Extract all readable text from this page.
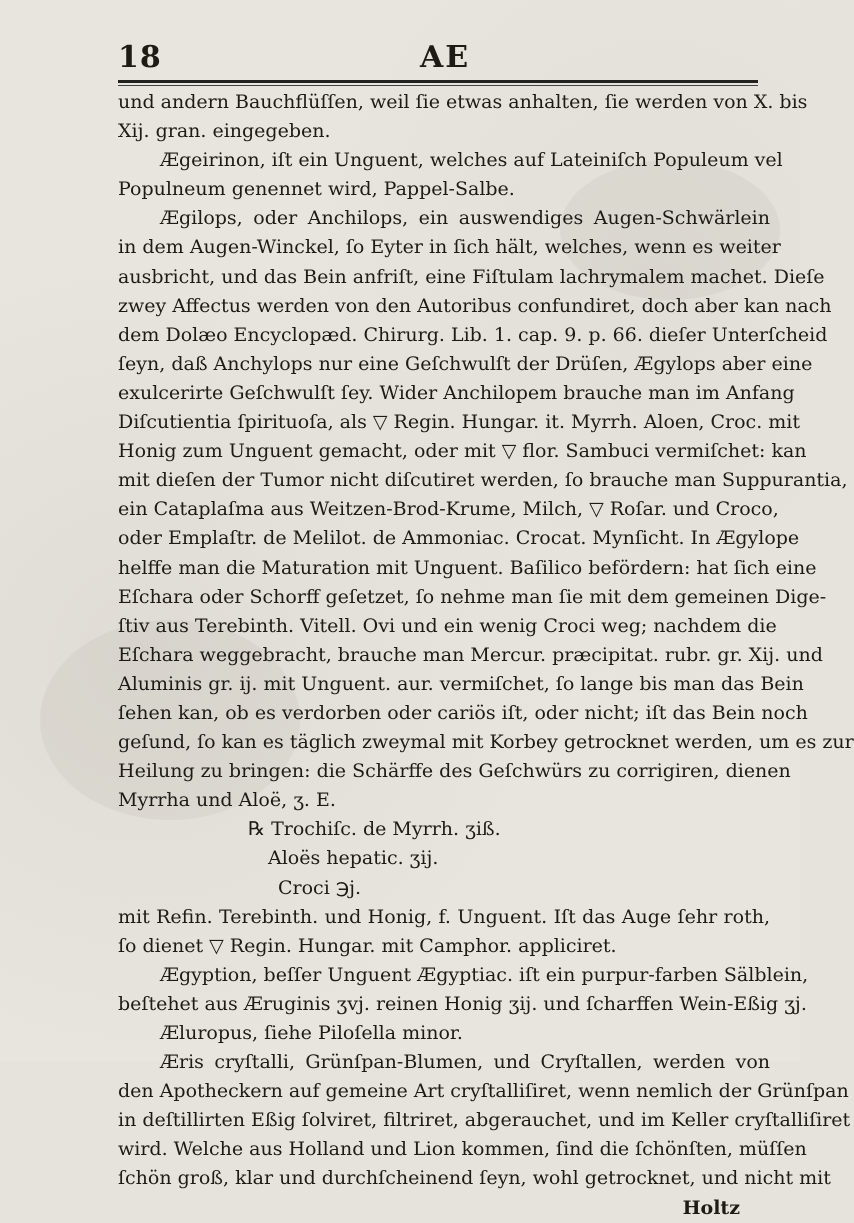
18	AE
und andern Bauchflüſſen, weil ſie etwas anhalten, ſie werden von X. bis
Xij. gran. eingegeben.
Ægeirinon, iſt ein Unguent, welches auf Lateiniſch Populeum vel
Populneum genennet wird, Pappel-Salbe.
Ægilops, oder Anchilops, ein auswendiges Augen-Schwärlein
in dem Augen-Winckel, ſo Eyter in ſich hält, welches, wenn es weiter
ausbricht, und das Bein anfriſt, eine Fiſtulam lachrymalem machet. Dieſe
zwey Affectus werden von den Autoribus confundiret, doch aber kan nach
dem Dolæo Encyclopæd. Chirurg. Lib. 1. cap. 9. p. 66. dieſer Unterſcheid
ſeyn, daß Anchylops nur eine Geſchwulſt der Drüſen, Ægylops aber eine
exulcerirte Geſchwulſt ſey. Wider Anchilopem brauche man im Anfang
Diſcutientia ſpirituoſa, als ▽ Regin. Hungar. it. Myrrh. Aloen, Croc. mit
Honig zum Unguent gemacht, oder mit ▽ flor. Sambuci vermiſchet: kan
mit dieſen der Tumor nicht diſcutiret werden, ſo brauche man Suppurantia,
ein Cataplaſma aus Weitzen-Brod-Krume, Milch, ▽ Roſar. und Croco,
oder Emplaſtr. de Melilot. de Ammoniac. Crocat. Mynſicht. In Ægylope
helffe man die Maturation mit Unguent. Baſilico befördern: hat ſich eine
Eſchara oder Schorff geſetzet, ſo nehme man ſie mit dem gemeinen Dige-
ſtiv aus Terebinth. Vitell. Ovi und ein wenig Croci weg; nachdem die
Eſchara weggebracht, brauche man Mercur. præcipitat. rubr. gr. Xij. und
Aluminis gr. ij. mit Unguent. aur. vermiſchet, ſo lange bis man das Bein
ſehen kan, ob es verdorben oder cariös iſt, oder nicht; iſt das Bein noch
geſund, ſo kan es täglich zweymal mit Korbey getrocknet werden, um es zur
Heilung zu bringen: die Schärffe des Geſchwürs zu corrigiren, dienen
Myrrha und Aloë, ʒ. E.
℞ Trochiſc. de Myrrh. ʒiß.
Aloës hepatic. ʒij.
Croci ℈j.
mit Refin. Terebinth. und Honig, f. Unguent. Iſt das Auge ſehr roth,
ſo dienet ▽ Regin. Hungar. mit Camphor. appliciret.
Ægyption, beſſer Unguent Ægyptiac. iſt ein purpur-farben Sälblein,
beſtehet aus Æruginis ʒvj. reinen Honig ʒij. und ſcharffen Wein-Eßig ʒj.
Æluropus, ſiehe Piloſella minor.
Æris cryſtalli, Grünſpan-Blumen, und Cryſtallen, werden von
den Apotheckern auf gemeine Art cryſtalliſiret, wenn nemlich der Grünſpan
in deſtillirten Eßig ſolviret, filtriret, abgerauchet, und im Keller cryſtalliſiret
wird. Welche aus Holland und Lion kommen, ſind die ſchönſten, müſſen
ſchön groß, klar und durchſcheinend ſeyn, wohl getrocknet, und nicht mit
Holtz
